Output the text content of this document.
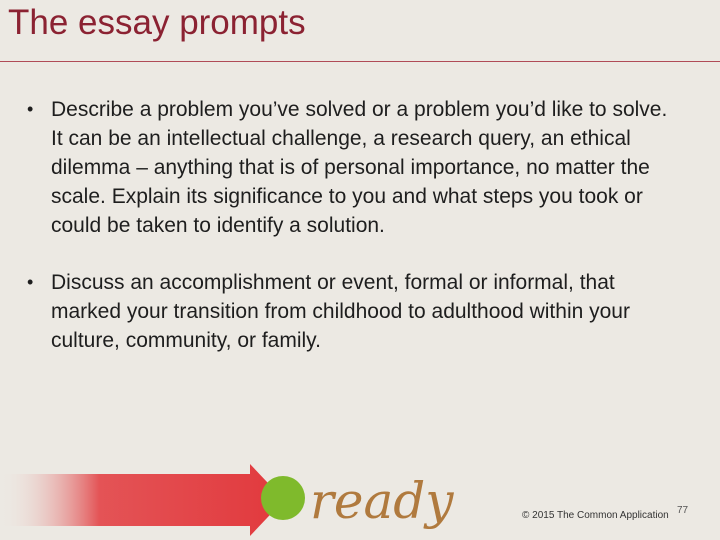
The essay prompts
• Describe a problem you’ve solved or a problem you’d like to solve. It can be an intellectual challenge, a research query, an ethical dilemma – anything that is of personal importance, no matter the scale. Explain its significance to you and what steps you took or could be taken to identify a solution.
• Discuss an accomplishment or event, formal or informal, that marked your transition from childhood to adulthood within your culture, community, or family.
ready	© 2015 The Common Application 77
